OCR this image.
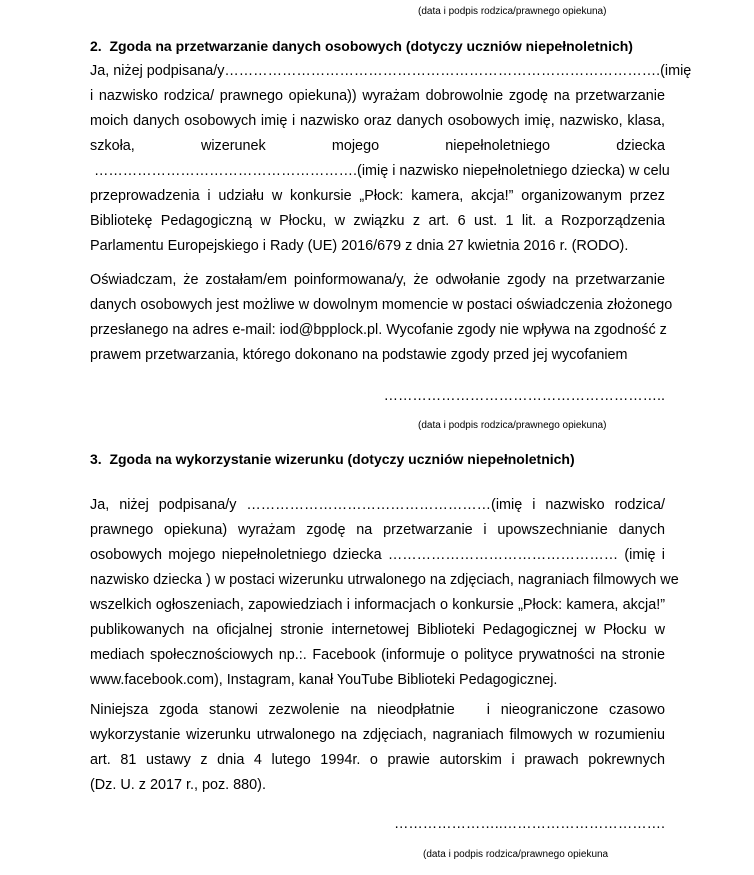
(data i podpis rodzica/prawnego opiekuna)
2.  Zgoda na przetwarzanie danych osobowych (dotyczy uczniów niepełnoletnich)
Ja, niżej podpisana/y……………………………………………………………………………….(imię
i nazwisko rodzica/ prawnego opiekuna)) wyrażam dobrowolnie zgodę na przetwarzanie
moich danych osobowych imię i nazwisko oraz danych osobowych imię, nazwisko, klasa,
szkoła,        wizerunek        mojego        niepełnoletniego        dziecka
……………………………………………….(imię i nazwisko niepełnoletniego dziecka) w celu
przeprowadzenia i udziału w konkursie „Płock: kamera, akcja!” organizowanym przez
Bibliotekę Pedagogiczną w Płocku, w związku z art. 6 ust. 1 lit. a Rozporządzenia
Parlamentu Europejskiego i Rady (UE) 2016/679 z dnia 27 kwietnia 2016 r. (RODO).
Oświadczam, że zostałam/em poinformowana/y, że odwołanie zgody na przetwarzanie
danych osobowych jest możliwe w dowolnym momencie w postaci oświadczenia złożonego
przesłanego na adres e-mail: iod@bpplock.pl. Wycofanie zgody nie wpływa na zgodność z
prawem przetwarzania, którego dokonano na podstawie zgody przed jej wycofaniem
…………………………………………………..
(data i podpis rodzica/prawnego opiekuna)
3.  Zgoda na wykorzystanie wizerunku (dotyczy uczniów niepełnoletnich)
Ja, niżej podpisana/y ……………………………………………(imię i nazwisko rodzica/
prawnego opiekuna) wyrażam zgodę na przetwarzanie i upowszechnianie danych
osobowych mojego niepełnoletniego dziecka ………………………………………… (imię i
nazwisko dziecka ) w postaci wizerunku utrwalonego na zdjęciach, nagraniach filmowych we
wszelkich ogłoszeniach, zapowiedziach i informacjach o konkursie „Płock: kamera, akcja!”
publikowanych na oficjalnej stronie internetowej Biblioteki Pedagogicznej w Płocku w
mediach społecznościowych np.:. Facebook (informuje o polityce prywatności na stronie
www.facebook.com), Instagram, kanał YouTube Biblioteki Pedagogicznej.
Niniejsza zgoda stanowi zezwolenie na nieodpłatnie   i nieograniczone czasowo
wykorzystanie wizerunku utrwalonego na zdjęciach, nagraniach filmowych w rozumieniu
art. 81 ustawy z dnia 4 lutego 1994r. o prawie autorskim i prawach pokrewnych
(Dz. U. z 2017 r., poz. 880).
…………………..…………………………….
(data i podpis rodzica/prawnego opiekuna
